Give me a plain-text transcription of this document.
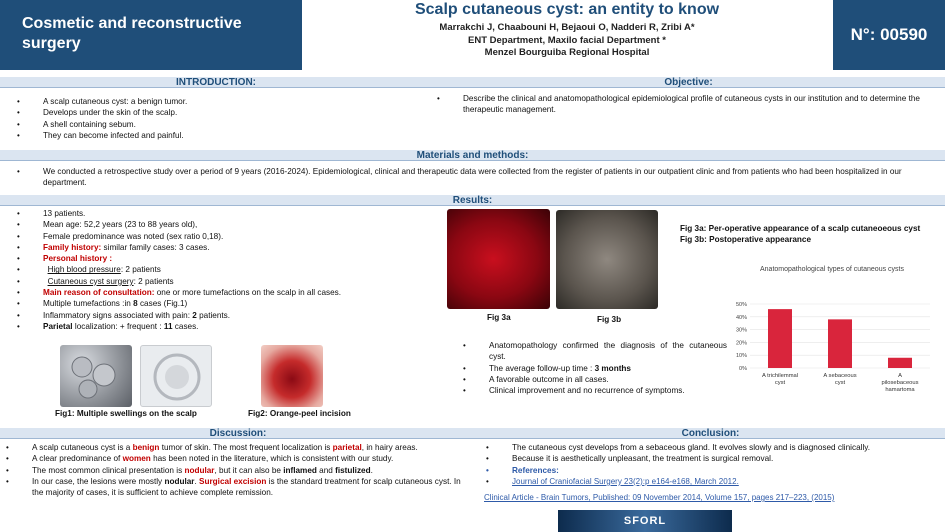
Cosmetic and reconstructive surgery
Scalp cutaneous cyst: an entity to know
Marrakchi J, Chaabouni H, Bejaoui O, Nadderi R, Zribi A*
ENT Department, Maxilo facial Department *
Menzel Bourguiba Regional Hospital
N°: 00590
INTRODUCTION:	Objective:
• A scalp cutaneous cyst: a benign tumor.
• Develops under the skin of the scalp.
• A shell containing sebum.
• They can become infected and painful.
• Describe the clinical and anatomopathological epidemiological profile of cutaneous cysts in our institution and to determine the therapeutic management.
Materials and methods:
• We conducted a retrospective study over a period of 9 years (2016-2024). Epidemiological, clinical and therapeutic data were collected from the register of patients in our outpatient clinic and from patients who had been hospitalized in our department.
Results:
• 13 patients.
• Mean age: 52,2 years (23 to 88 years old),
• Female predominance was noted (sex ratio 0,18).
• Family history: similar family cases: 3 cases.
• Personal history :
• High blood pressure: 2 patients
• Cutaneous cyst surgery: 2 patients
• Main reason of consultation: one or more tumefactions on the scalp in all cases.
• Multiple tumefactions :in 8 cases (Fig.1)
• Inflammatory signs associated with pain: 2 patients.
• Parietal localization: + frequent : 11 cases.
Fig1: Multiple swellings on the scalp	Fig2: Orange-peel incision
Fig 3a	Fig 3b
Fig 3a: Per-operative appearance of a scalp cutaneoeous cyst
Fig 3b: Postoperative appearance
• Anatomopathology confirmed the diagnosis of the cutaneous cyst.
• The average follow-up time : 3 months
• A favorable outcome in all cases.
• Clinical improvement and no recurrence of symptoms.
Anatomopathological types of cutaneous cysts
50%
40%
30%
20%
10%
0%
A trichilemmal
cyst
A sebaceous
cyst
A
pilosebaceous
hamartoma
Discussion:	Conclusion:
• A scalp cutaneous cyst is a benign tumor of skin. The most frequent localization is parietal, in hairy areas.
• A clear predominance of women has been noted in the literature, which is consistent with our study.
• The most common clinical presentation is nodular, but it can also be inflamed and fistulized.
• In our case, the lesions were mostly nodular. Surgical excision is the standard treatment for scalp cutaneous cyst. In the majority of cases, it is sufficient to achieve complete remission.
• The cutaneous cyst develops from a sebaceous gland. It evolves slowly and is diagnosed clinically.
• Because it is aesthetically unpleasant, the treatment is surgical removal.
• References:
• Journal of Craniofacial Surgery 23(2):p e164-e168, March 2012.
Clinical Article - Brain Tumors, Published: 09 November 2014, Volume 157, pages 217–223, (2015)
SFORL
